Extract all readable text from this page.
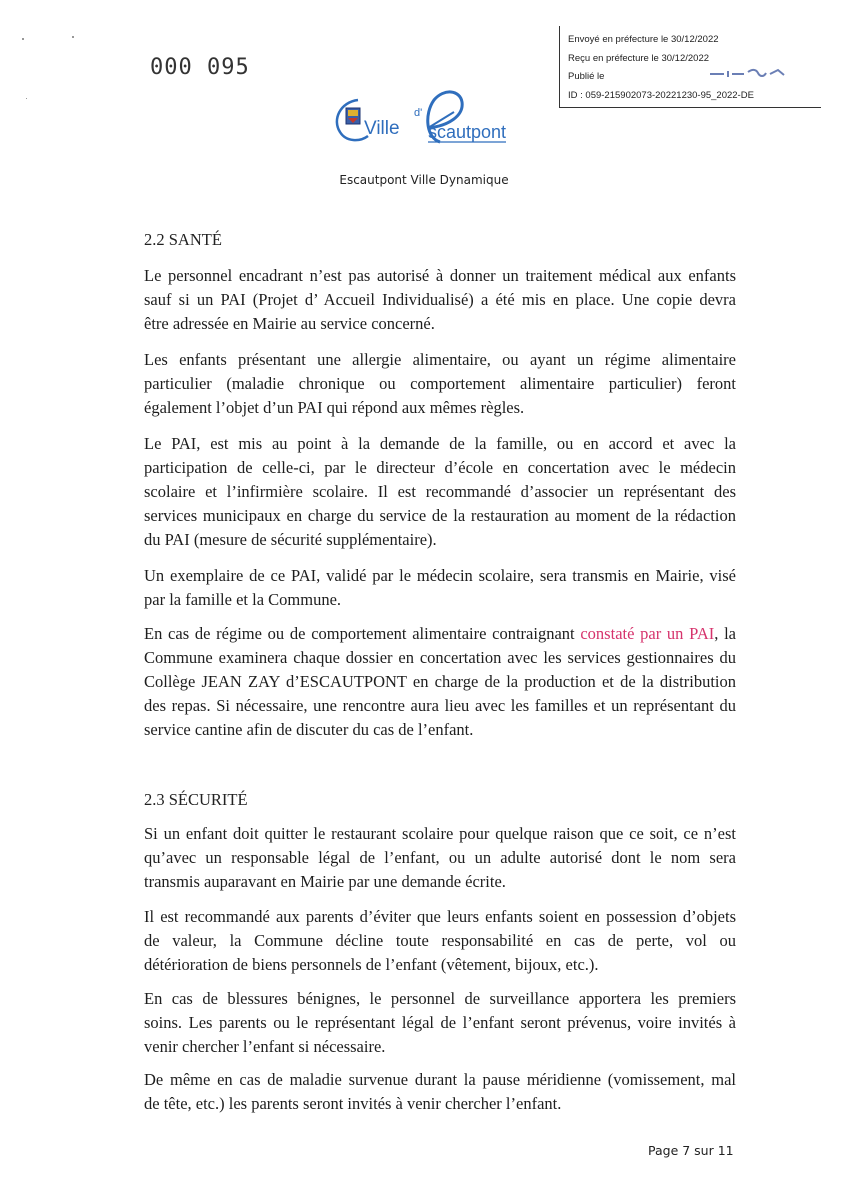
Envoyé en préfecture le 30/12/2022
Reçu en préfecture le 30/12/2022
Publié le
ID : 059-215902073-20221230-95_2022-DE
000 095
Ville
d'
scautpont
Escautpont Ville Dynamique
2.2 SANTÉ
Le personnel encadrant n’est pas autorisé à donner un traitement médical aux enfants
sauf si un PAI (Projet d’ Accueil Individualisé) a été mis en place. Une copie devra
être adressée en Mairie au service concerné.
Les enfants présentant une allergie alimentaire, ou ayant un régime alimentaire
particulier (maladie chronique ou comportement alimentaire particulier) feront
également l’objet d’un PAI qui répond aux mêmes règles.
Le PAI, est mis au point à la demande de la famille, ou en accord et avec la
participation de celle-ci, par le directeur d’école en concertation avec le médecin
scolaire et l’infirmière scolaire. Il est recommandé d’associer un représentant des
services municipaux en charge du service de la restauration au moment de la rédaction
du PAI (mesure de sécurité supplémentaire).
Un exemplaire de ce PAI, validé par le médecin scolaire, sera transmis en Mairie, visé
par la famille et la Commune.
En cas de régime ou de comportement alimentaire contraignant constaté par un PAI, la
Commune examinera chaque dossier en concertation avec les services gestionnaires du
Collège JEAN ZAY d’ESCAUTPONT en charge de la production et de la distribution
des repas. Si nécessaire, une rencontre aura lieu avec les familles et un représentant du
service cantine afin de discuter du cas de l’enfant.
2.3 SÉCURITÉ
Si un enfant doit quitter le restaurant scolaire pour quelque raison que ce soit, ce n’est
qu’avec un responsable légal de l’enfant, ou un adulte autorisé dont le nom sera
transmis auparavant en Mairie par une demande écrite.
Il est recommandé aux parents d’éviter que leurs enfants soient en possession d’objets
de valeur, la Commune décline toute responsabilité en cas de perte, vol ou
détérioration de biens personnels de l’enfant (vêtement, bijoux, etc.).
En cas de blessures bénignes, le personnel de surveillance apportera les premiers
soins. Les parents ou le représentant légal de l’enfant seront prévenus, voire invités à
venir chercher l’enfant si nécessaire.
De même en cas de maladie survenue durant la pause méridienne (vomissement, mal
de tête, etc.) les parents seront invités à venir chercher l’enfant.
Page 7 sur 11
